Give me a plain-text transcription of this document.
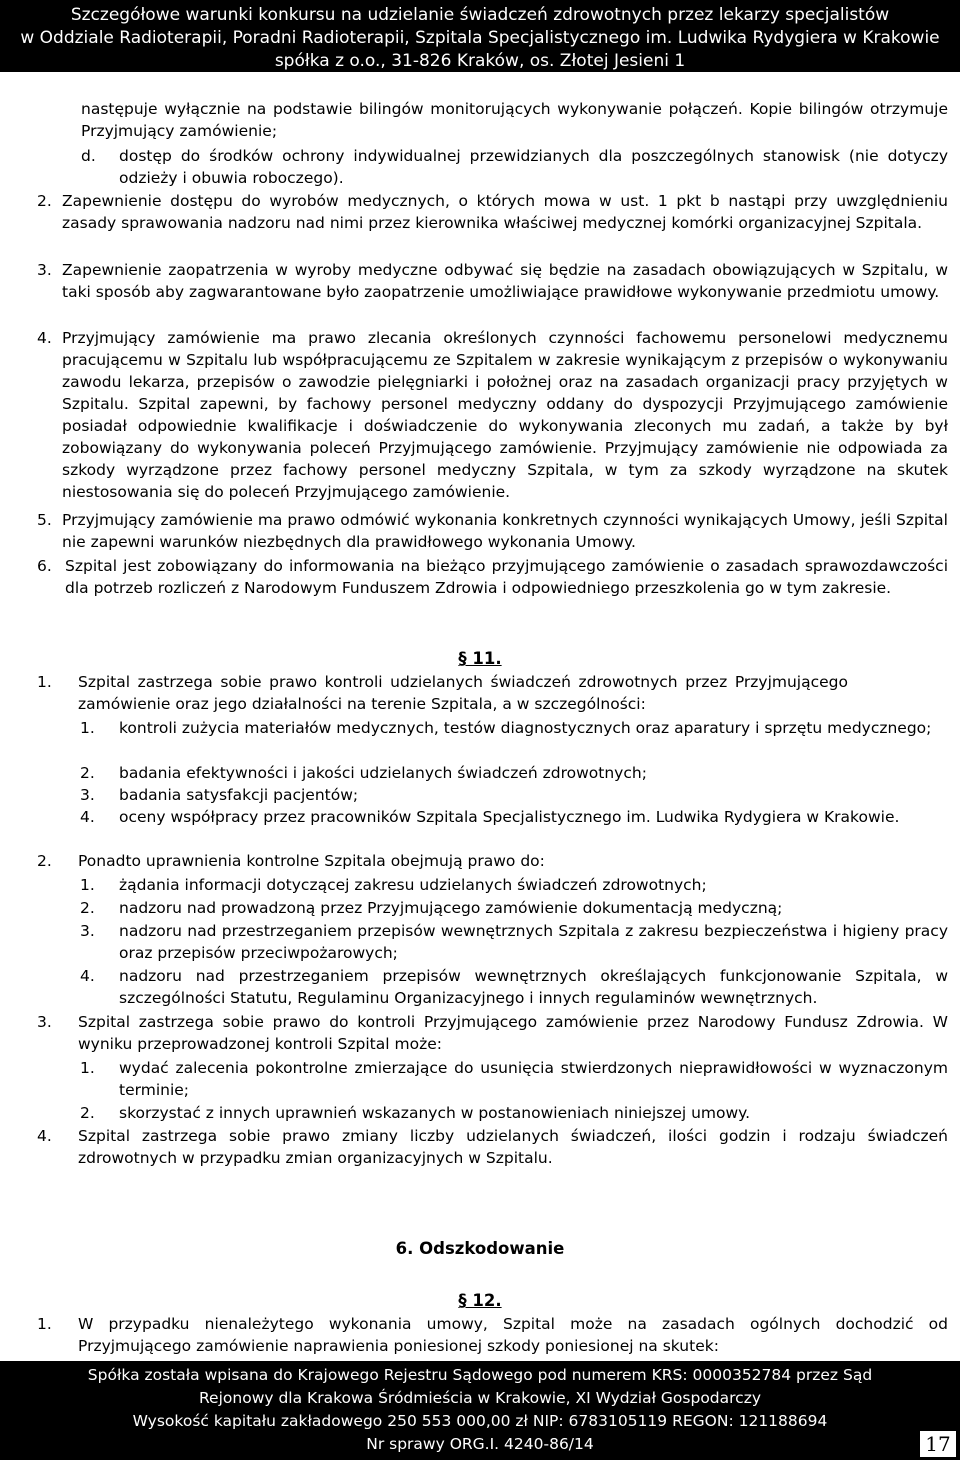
Szczegółowe warunki konkursu na udzielanie świadczeń zdrowotnych przez lekarzy specjalistów
w Oddziale Radioterapii, Poradni Radioterapii, Szpitala Specjalistycznego im. Ludwika Rydygiera w Krakowie
spółka z o.o., 31-826 Kraków, os. Złotej Jesieni 1
następuje wyłącznie na podstawie bilingów monitorujących wykonywanie połączeń. Kopie bilingów otrzymuje Przyjmujący zamówienie;
d. dostęp do środków ochrony indywidualnej przewidzianych dla poszczególnych stanowisk (nie dotyczy odzieży i obuwia roboczego).
2. Zapewnienie dostępu do wyrobów medycznych, o których mowa w ust. 1 pkt b nastąpi przy uwzględnieniu zasady sprawowania nadzoru nad nimi przez kierownika właściwej medycznej komórki organizacyjnej Szpitala.
3. Zapewnienie zaopatrzenia w wyroby medyczne odbywać się będzie na zasadach obowiązujących w Szpitalu, w taki sposób aby zagwarantowane było zaopatrzenie umożliwiające prawidłowe wykonywanie przedmiotu umowy.
4. Przyjmujący zamówienie ma prawo zlecania określonych czynności fachowemu personelowi medycznemu pracującemu w Szpitalu lub współpracującemu ze Szpitalem w zakresie wynikającym z przepisów o wykonywaniu zawodu lekarza, przepisów o zawodzie pielęgniarki i położnej oraz na zasadach organizacji pracy przyjętych w Szpitalu. Szpital zapewni, by fachowy personel medyczny oddany do dyspozycji Przyjmującego zamówienie posiadał odpowiednie kwalifikacje i doświadczenie do wykonywania zleconych mu zadań, a także by był zobowiązany do wykonywania poleceń Przyjmującego zamówienie. Przyjmujący zamówienie nie odpowiada za szkody wyrządzone przez fachowy personel medyczny Szpitala, w tym za szkody wyrządzone na skutek niestosowania się do poleceń Przyjmującego zamówienie.
5. Przyjmujący zamówienie ma prawo odmówić wykonania konkretnych czynności wynikających Umowy, jeśli Szpital nie zapewni warunków niezbędnych dla prawidłowego wykonania Umowy.
6. Szpital jest zobowiązany do informowania na bieżąco przyjmującego zamówienie o zasadach sprawozdawczości dla potrzeb rozliczeń z Narodowym Funduszem Zdrowia i odpowiedniego przeszkolenia go w tym zakresie.
§ 11.
1. Szpital zastrzega sobie prawo kontroli udzielanych świadczeń zdrowotnych przez Przyjmującego zamówienie oraz jego działalności na terenie Szpitala, a w szczególności:
1. kontroli zużycia materiałów medycznych, testów diagnostycznych oraz aparatury i sprzętu medycznego;
2. badania efektywności i jakości udzielanych świadczeń zdrowotnych;
3. badania satysfakcji pacjentów;
4. oceny współpracy przez pracowników Szpitala Specjalistycznego im. Ludwika Rydygiera w Krakowie.
2. Ponadto uprawnienia kontrolne Szpitala obejmują prawo do:
1. żądania informacji dotyczącej zakresu udzielanych świadczeń zdrowotnych;
2. nadzoru nad prowadzoną przez Przyjmującego zamówienie dokumentacją medyczną;
3. nadzoru nad przestrzeganiem przepisów wewnętrznych Szpitala z zakresu bezpieczeństwa i higieny pracy oraz przepisów przeciwpożarowych;
4. nadzoru nad przestrzeganiem przepisów wewnętrznych określających funkcjonowanie Szpitala, w szczególności Statutu, Regulaminu Organizacyjnego i innych regulaminów wewnętrznych.
3. Szpital zastrzega sobie prawo do kontroli Przyjmującego zamówienie przez Narodowy Fundusz Zdrowia. W wyniku przeprowadzonej kontroli Szpital może:
1. wydać zalecenia pokontrolne zmierzające do usunięcia stwierdzonych nieprawidłowości w wyznaczonym terminie;
2. skorzystać z innych uprawnień wskazanych w postanowieniach niniejszej umowy.
4. Szpital zastrzega sobie prawo zmiany liczby udzielanych świadczeń, ilości godzin i rodzaju świadczeń zdrowotnych w przypadku zmian organizacyjnych w Szpitalu.
6. Odszkodowanie
§ 12.
1. W przypadku nienależytego wykonania umowy, Szpital może na zasadach ogólnych dochodzić od Przyjmującego zamówienie naprawienia poniesionej szkody poniesionej na skutek:
Spółka została wpisana do Krajowego Rejestru Sądowego pod numerem KRS: 0000352784 przez Sąd
Rejonowy dla Krakowa Śródmieścia w Krakowie, XI Wydział Gospodarczy
Wysokość kapitału zakładowego 250 553 000,00 zł NIP: 6783105119 REGON: 121188694
Nr sprawy ORG.I. 4240-86/14	17
